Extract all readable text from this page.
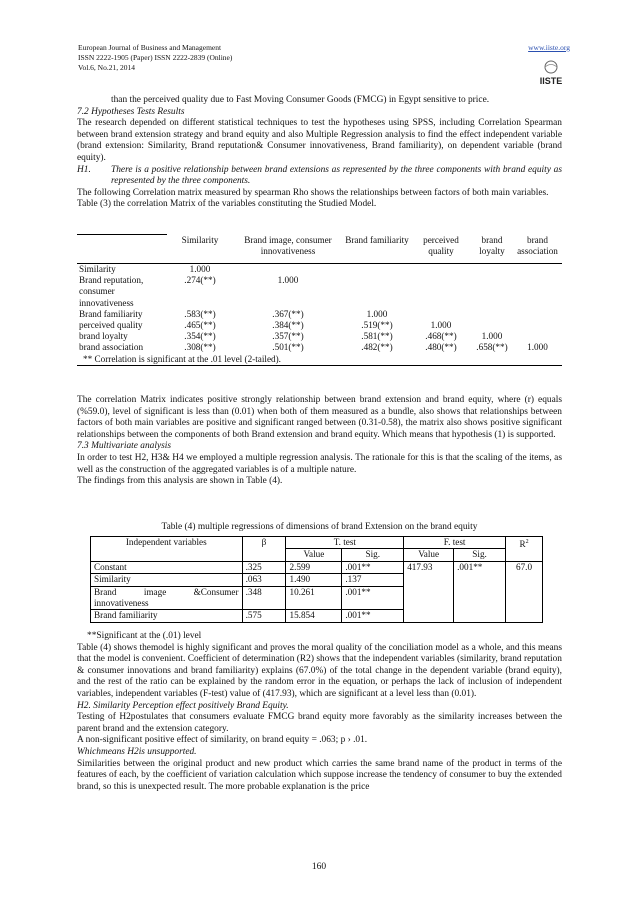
European Journal of Business and Management
ISSN 2222-1905 (Paper) ISSN 2222-2839 (Online)
Vol.6, No.21, 2014
www.iiste.org
IISTE
than the perceived quality due to Fast Moving Consumer Goods (FMCG) in Egypt sensitive to price.
7.2 Hypotheses Tests Results
The research depended on different statistical techniques to test the hypotheses using SPSS, including Correlation Spearman between brand extension strategy and brand equity and also Multiple Regression analysis to find the effect independent variable (brand extension: Similarity, Brand reputation& Consumer innovativeness, Brand familiarity), on dependent variable (brand equity).
H1. There is a positive relationship between brand extensions as represented by the three components with brand equity as represented by the three components.
The following Correlation matrix measured by spearman Rho shows the relationships between factors of both main variables.
Table (3) the correlation Matrix of the variables constituting the Studied Model.
	Similarity	Brand image, consumer innovativeness	Brand familiarity	perceived quality	brand loyalty	brand association

Similarity	1.000					
Brand reputation, consumer innovativeness	.274(**)	1.000				
Brand familiarity	.583(**)	.367(**)	1.000			
perceived quality	.465(**)	.384(**)	.519(**)	1.000		
brand loyalty	.354(**)	.357(**)	.581(**)	.468(**)	1.000	
brand association	.308(**)	.501(**)	.482(**)	.480(**)	.658(**)	1.000
** Correlation is significant at the .01 level (2-tailed).						
The correlation Matrix indicates positive strongly relationship between brand extension and brand equity, where (r) equals (%59.0), level of significant is less than (0.01) when both of them measured as a bundle, also shows that relationships between factors of both main variables are positive and significant ranged between (0.31-0.58), the matrix also shows positive significant relationships between the components of both Brand extension and brand equity. Which means that hypothesis (1) is supported.
7.3 Multivariate analysis
In order to test H2, H3& H4 we employed a multiple regression analysis. The rationale for this is that the scaling of the items, as well as the construction of the aggregated variables is of a multiple nature.
The findings from this analysis are shown in Table (4).
Table (4) multiple regressions of dimensions of brand Extension on the brand equity
Independent variables	β	T. test		F. test		$R^2$
		Value	Sig.	Value	Sig.	
Constant	.325	2.599	.001**	417.93	.001**	67.0
Similarity	.063	1.490	.137			
Brand image &Consumer innovativeness	.348	10.261	.001**			
Brand familiarity	.575	15.854	.001**			
**Significant at the (.01) level
Table (4) shows themodel is highly significant and proves the moral quality of the conciliation model as a whole, and this means that the model is convenient. Coefficient of determination (R2) shows that the independent variables (similarity, brand reputation & consumer innovations and brand familiarity) explains (67.0%) of the total change in the dependent variable (brand equity), and the rest of the ratio can be explained by the random error in the equation, or perhaps the lack of inclusion of independent variables, independent variables (F-test) value of (417.93), which are significant at a level less than (0.01).
H2. Similarity Perception effect positively Brand Equity.
Testing of H2postulates that consumers evaluate FMCG brand equity more favorably as the similarity increases between the parent brand and the extension category.
A non-significant positive effect of similarity, on brand equity = .063; p › .01.
Whichmeans H2is unsupported.
Similarities between the original product and new product which carries the same brand name of the product in terms of the features of each, by the coefficient of variation calculation which suppose increase the tendency of consumer to buy the extended brand, so this is unexpected result. The more probable explanation is the price
160
